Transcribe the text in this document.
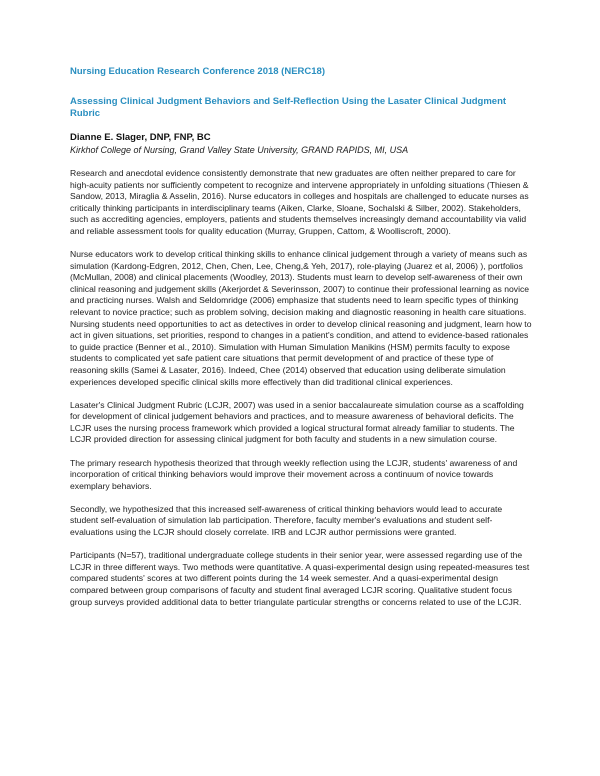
Nursing Education Research Conference 2018 (NERC18)

Assessing Clinical Judgment Behaviors and Self-Reflection Using the Lasater Clinical Judgment Rubric

Dianne E. Slager, DNP, FNP, BC

Kirkhof College of Nursing, Grand Valley State University, GRAND RAPIDS, MI, USA

Research and anecdotal evidence consistently demonstrate that new graduates are often neither prepared to care for high-acuity patients nor sufficiently competent to recognize and intervene appropriately in unfolding situations (Thiesen & Sandow, 2013, Miraglia & Asselin, 2016). Nurse educators in colleges and hospitals are challenged to educate nurses as critically thinking participants in interdisciplinary teams (Aiken, Clarke, Sloane, Sochalski & Silber, 2002). Stakeholders, such as accrediting agencies, employers, patients and students themselves increasingly demand accountability via valid and reliable assessment tools for quality education (Murray, Gruppen, Cattom, & Woolliscroft, 2000).

Nurse educators work to develop critical thinking skills to enhance clinical judgement through a variety of means such as simulation (Kardong-Edgren, 2012, Chen, Chen, Lee, Cheng,& Yeh, 2017), role-playing (Juarez et al, 2006) ), portfolios (McMullan, 2008) and clinical placements (Woodley, 2013). Students must learn to develop self-awareness of their own clinical reasoning and judgement skills (Akerjordet & Severinsson, 2007) to continue their professional learning as novice and practicing nurses. Walsh and Seldomridge (2006) emphasize that students need to learn specific types of thinking relevant to novice practice; such as problem solving, decision making and diagnostic reasoning in health care situations. Nursing students need opportunities to act as detectives in order to develop clinical reasoning and judgment, learn how to act in given situations, set priorities, respond to changes in a patient's condition, and attend to evidence-based rationales to guide practice (Benner et al., 2010). Simulation with Human Simulation Manikins (HSM) permits faculty to expose students to complicated yet safe patient care situations that permit development of and practice of these type of reasoning skills (Samei & Lasater, 2016). Indeed, Chee (2014) observed that education using deliberate simulation experiences developed specific clinical skills more effectively than did traditional clinical experiences.

Lasater's Clinical Judgment Rubric (LCJR, 2007) was used in a senior baccalaureate simulation course as a scaffolding for development of clinical judgement behaviors and practices, and to measure awareness of behavioral deficits. The LCJR uses the nursing process framework which provided a logical structural format already familiar to students. The LCJR provided direction for assessing clinical judgment for both faculty and students in a new simulation course.

The primary research hypothesis theorized that through weekly reflection using the LCJR, students' awareness of and incorporation of critical thinking behaviors would improve their movement across a continuum of novice towards exemplary behaviors.

Secondly, we hypothesized that this increased self-awareness of critical thinking behaviors would lead to accurate student self-evaluation of simulation lab participation. Therefore, faculty member's evaluations and student self-evaluations using the LCJR should closely correlate. IRB and LCJR author permissions were granted.

Participants (N=57), traditional undergraduate college students in their senior year, were assessed regarding use of the LCJR in three different ways. Two methods were quantitative. A quasi-experimental design using repeated-measures test compared students' scores at two different points during the 14 week semester. And a quasi-experimental design compared between group comparisons of faculty and student final averaged LCJR scoring. Qualitative student focus group surveys provided additional data to better triangulate particular strengths or concerns related to use of the LCJR.
